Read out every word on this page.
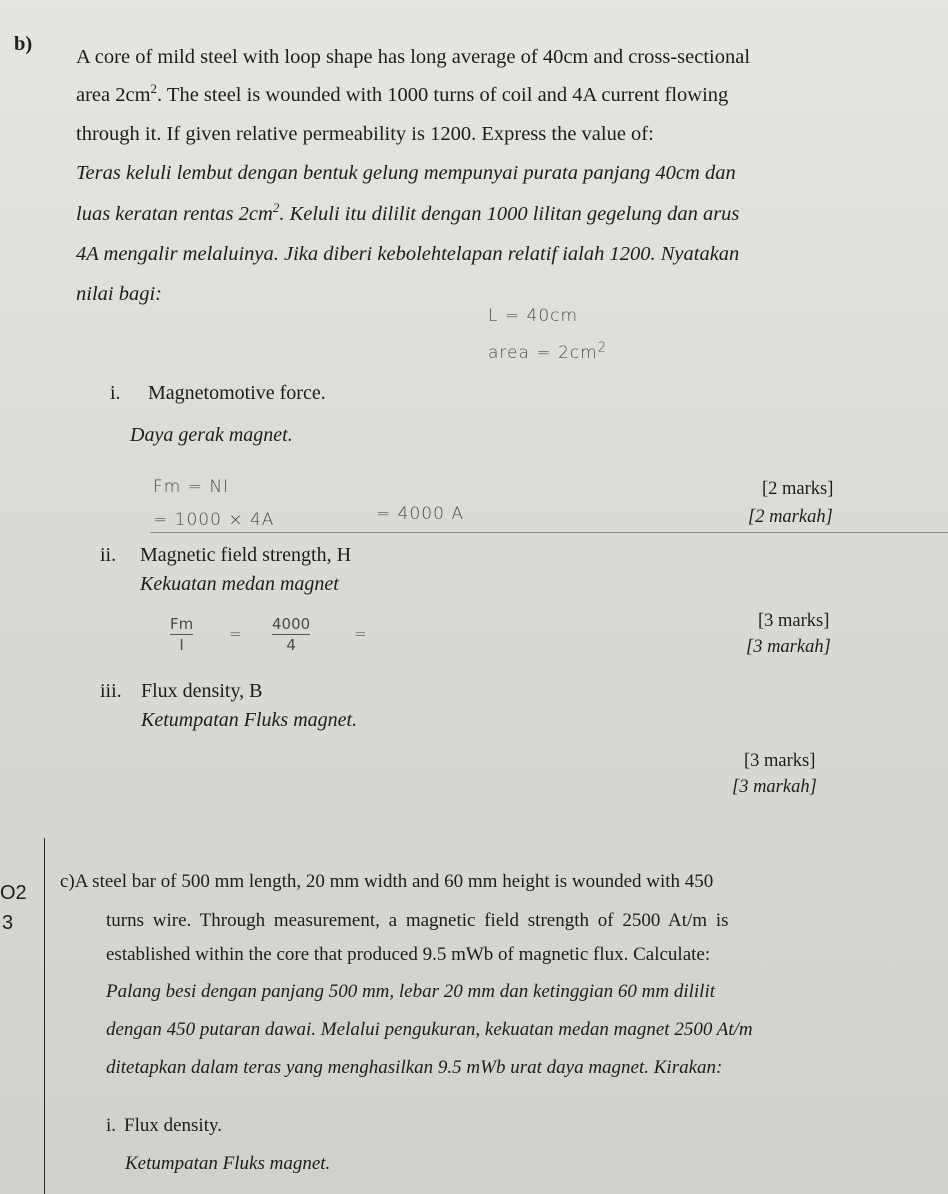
b)
A core of mild steel with loop shape has long average of 40cm and cross-sectional
area $2cm^2$. The steel is wounded with 1000 turns of coil and 4A current flowing
through it. If given relative permeability is 1200. Express the value of:
Teras keluli lembut dengan bentuk gelung mempunyai purata panjang 40cm dan
luas keratan rentas $2cm^2$. Keluli itu dililit dengan 1000 lilitan gegelung dan arus
4A mengalir melaluinya. Jika diberi kebolehtelapan relatif ialah 1200. Nyatakan
nilai bagi:
L = 40cm
area = $2cm^2$
i. Magnetomotive force.
Daya gerak magnet.
Fm = NI
= 1000 × 4A	= 4000 A
[2 marks]
[2 markah]
ii. Magnetic field strength, H
Kekuatan medan magnet
Fm
I
=
4000
4
=
[3 marks]
[3 markah]
iii. Flux density, B
Ketumpatan Fluks magnet.
[3 marks]
[3 markah]
O2
3
c)A steel bar of 500 mm length, 20 mm width and 60 mm height is wounded with 450
turns wire. Through measurement, a magnetic field strength of 2500 At/m is
established within the core that produced 9.5 mWb of magnetic flux. Calculate:
Palang besi dengan panjang 500 mm, lebar 20 mm dan ketinggian 60 mm dililit
dengan 450 putaran dawai. Melalui pengukuran, kekuatan medan magnet 2500 At/m
ditetapkan dalam teras yang menghasilkan 9.5 mWb urat daya magnet. Kirakan:
i. Flux density.
Ketumpatan Fluks magnet.
